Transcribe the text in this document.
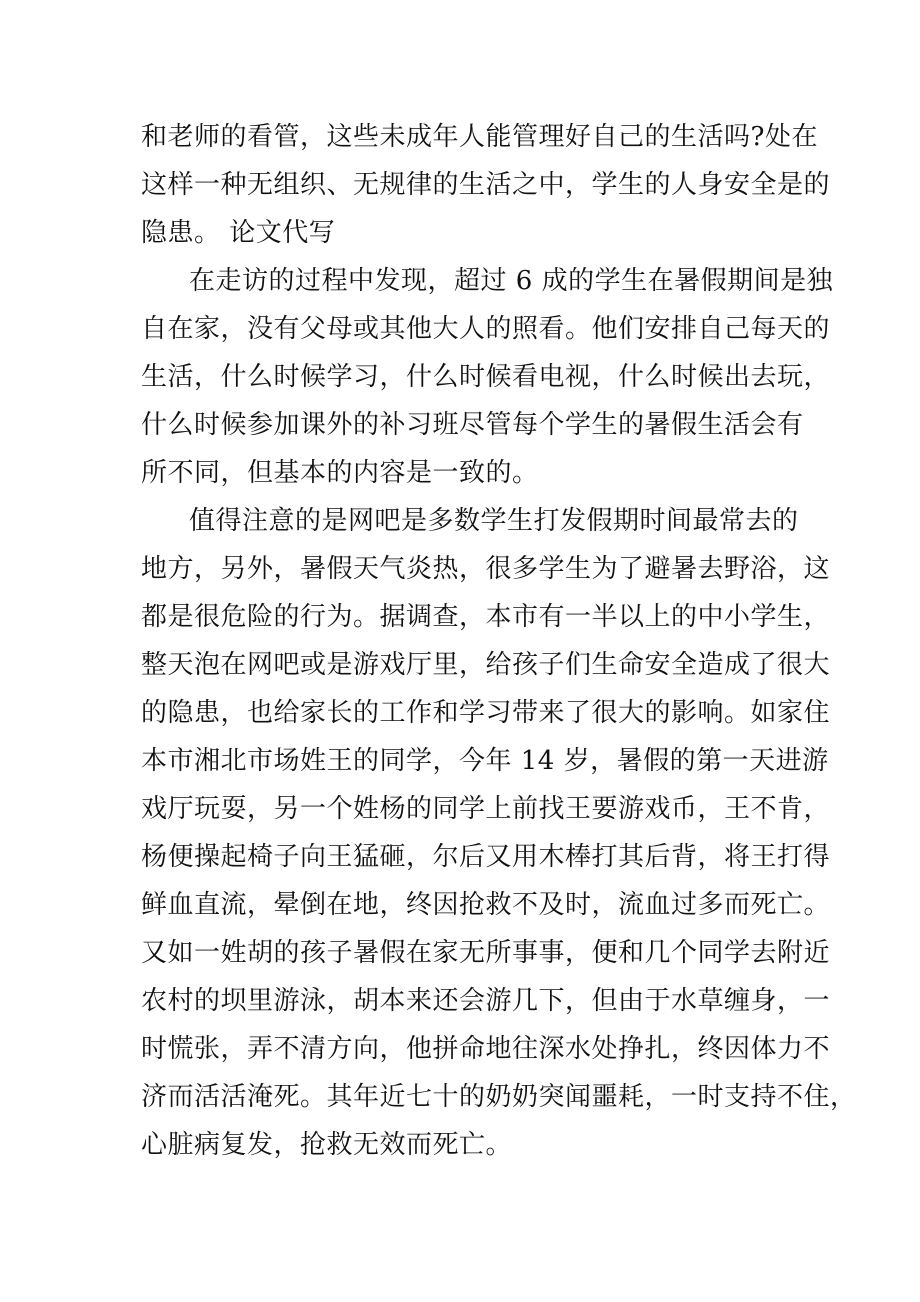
和老师的看管，这些未成年人能管理好自己的生活吗?处在
这样一种无组织、无规律的生活之中，学生的人身安全是的
隐患。 论文代写
在走访的过程中发现，超过 6 成的学生在暑假期间是独
自在家，没有父母或其他大人的照看。他们安排自己每天的
生活，什么时候学习，什么时候看电视，什么时候出去玩，
什么时候参加课外的补习班尽管每个学生的暑假生活会有
所不同，但基本的内容是一致的。
值得注意的是网吧是多数学生打发假期时间最常去的
地方，另外，暑假天气炎热，很多学生为了避暑去野浴，这
都是很危险的行为。据调查，本市有一半以上的中小学生，
整天泡在网吧或是游戏厅里，给孩子们生命安全造成了很大
的隐患，也给家长的工作和学习带来了很大的影响。如家住
本市湘北市场姓王的同学，今年 14 岁，暑假的第一天进游
戏厅玩耍，另一个姓杨的同学上前找王要游戏币，王不肯，
杨便操起椅子向王猛砸，尔后又用木棒打其后背，将王打得
鲜血直流，晕倒在地，终因抢救不及时，流血过多而死亡。
又如一姓胡的孩子暑假在家无所事事，便和几个同学去附近
农村的坝里游泳，胡本来还会游几下，但由于水草缠身，一
时慌张，弄不清方向，他拼命地往深水处挣扎，终因体力不
济而活活淹死。其年近七十的奶奶突闻噩耗，一时支持不住，
心脏病复发，抢救无效而死亡。
